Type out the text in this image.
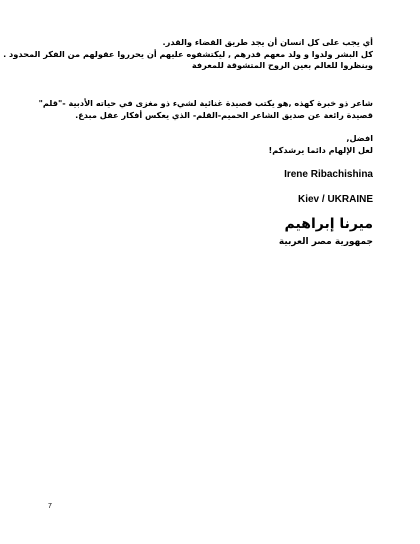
أي يجب على كل انسان أن يجد طريق القضاء والقدر.

كل البشر ولدوا و ولد معهم قدرهم , ليكتشفوه عليهم أن يحرروا عقولهم من الفكر المحدود .

وينظروا للعالم بعين الروح المتشوقة للمعرفة

شاعر ذو خبرة كهذه ,هو يكتب قصيدة غنائية لشيء ذو مغزى في حياته الأدبية -"قلم"

قصيدة رائعة عن صديق الشاعر الحميم-القلم- الذي يعكس أفكار عقل مبدع.

افضل,

لعل الإلهام دائما يرشدكم!

Irene Ribachishina
Kiev / UKRAINE
ميرنا إبراهيم
جمهورية مصر العربية
7
